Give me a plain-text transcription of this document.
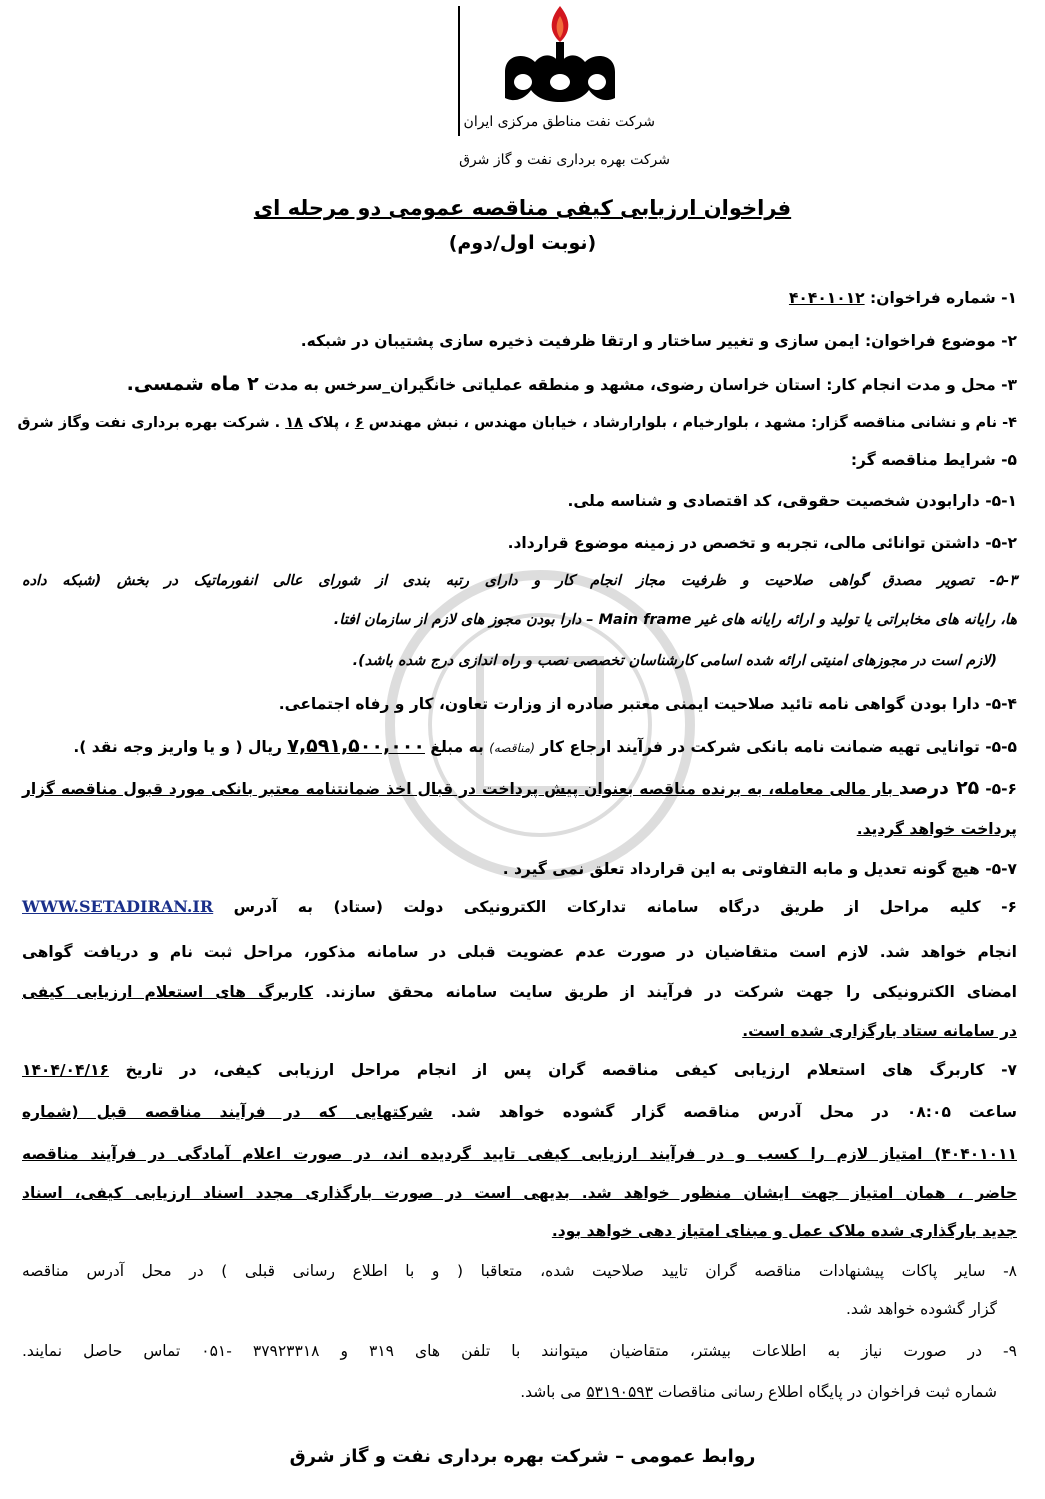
شرکت نفت مناطق مرکزی ایران
شرکت بهره برداری نفت و گاز شرق
فراخوان ارزیابی کیفی مناقصه عمومی دو مرحله ای
(نوبت اول/دوم)
۱- شماره فراخوان: ۴۰۴۰۱۰۱۲
۲- موضوع فراخوان: ایمن سازی و تغییر ساختار و ارتقا ظرفیت ذخیره سازی پشتیبان در شبکه.
۳- محل و مدت انجام کار: استان خراسان رضوی، مشهد و منطقه عملیاتی خانگیران_سرخس به مدت ۲ ماه شمسی.
۴- نام و نشانی مناقصه گزار: مشهد ، بلوارخیام ، بلوارارشاد ، خیابان مهندس ، نبش مهندس ۶ ، پلاک ۱۸ . شرکت بهره برداری نفت وگاز شرق
۵- شرایط مناقصه گر:
۵-۱- دارابودن شخصیت حقوقی، کد اقتصادی و شناسه ملی.
۵-۲- داشتن توانائی مالی، تجربه و تخصص در زمینه موضوع قرارداد.
۵-۳- تصویر مصدق گواهی صلاحیت و ظرفیت مجاز انجام کار و دارای رتبه بندی از شورای عالی انفورماتیک در بخش (شبکه داده
ها، رایانه های مخابراتی یا تولید و ارائه رایانه های غیر Main frame – دارا بودن مجوز های لازم از سازمان افتا.
(لازم است در مجوزهای امنیتی ارائه شده اسامی کارشناسان تخصصی نصب و راه اندازی درج شده باشد).
۵-۴- دارا بودن گواهی نامه تائید صلاحیت ایمنی معتبر صادره از وزارت تعاون، کار و رفاه اجتماعی.
۵-۵- توانایی تهیه ضمانت نامه بانکی شرکت در فرآیند ارجاع کار (مناقصه) به مبلغ ۷,۵۹۱,۵۰۰,۰۰۰ ریال ( و یا واریز وجه نقد ).
۵-۶- ۲۵ درصد بار مالی معامله، به برنده مناقصه بعنوان پیش پرداخت در قبال اخذ ضمانتنامه معتبر بانکی مورد قبول مناقصه گزار
پرداخت خواهد گردید.
۵-۷- هیچ گونه تعدیل و مابه التفاوتی به این قرارداد تعلق نمی گیرد .
۶- کلیه مراحل از طریق درگاه سامانه تدارکات الکترونیکی دولت (ستاد) به آدرس WWW.SETADIRAN.IR
انجام خواهد شد. لازم است متقاضیان در صورت عدم عضویت قبلی در سامانه مذکور، مراحل ثبت نام و دریافت گواهی
امضای الکترونیکی را جهت شرکت در فرآیند از طریق سایت سامانه محقق سازند. کاربرگ های استعلام ارزیابی کیفی
در سامانه ستاد بارگزاری شده است.
۷- کاربرگ های استعلام ارزیابی کیفی مناقصه گران پس از انجام مراحل ارزیابی کیفی، در تاریخ ۱۴۰۴/۰۴/۱۶
ساعت ۰۸:۰۵ در محل آدرس مناقصه گزار گشوده خواهد شد. شرکتهایی که در فرآیند مناقصه قبل (شماره
۴۰۴۰۱۰۱۱) امتیاز لازم را کسب و در فرآیند ارزیابی کیفی تایید گردیده اند، در صورت اعلام آمادگی در فرآیند مناقصه
حاضر ، همان امتیاز جهت ایشان منظور خواهد شد. بدیهی است در صورت بارگذاری مجدد اسناد ارزیابی کیفی، اسناد
جدید بارگذاری شده ملاک عمل و مبنای امتیاز دهی خواهد بود.
۸- سایر پاکات پیشنهادات مناقصه گران تایید صلاحیت شده، متعاقبا ( و با اطلاع رسانی قبلی ) در محل آدرس مناقصه
گزار گشوده خواهد شد.
۹- در صورت نیاز به اطلاعات بیشتر، متقاضیان میتوانند با تلفن های ۳۱۹ و ۳۷۹۲۳۳۱۸ -۰۵۱ تماس حاصل نمایند.
شماره ثبت فراخوان در پایگاه اطلاع رسانی مناقصات ۵۳۱۹۰۵۹۳ می باشد.
روابط عمومی – شرکت بهره برداری نفت و گاز شرق
